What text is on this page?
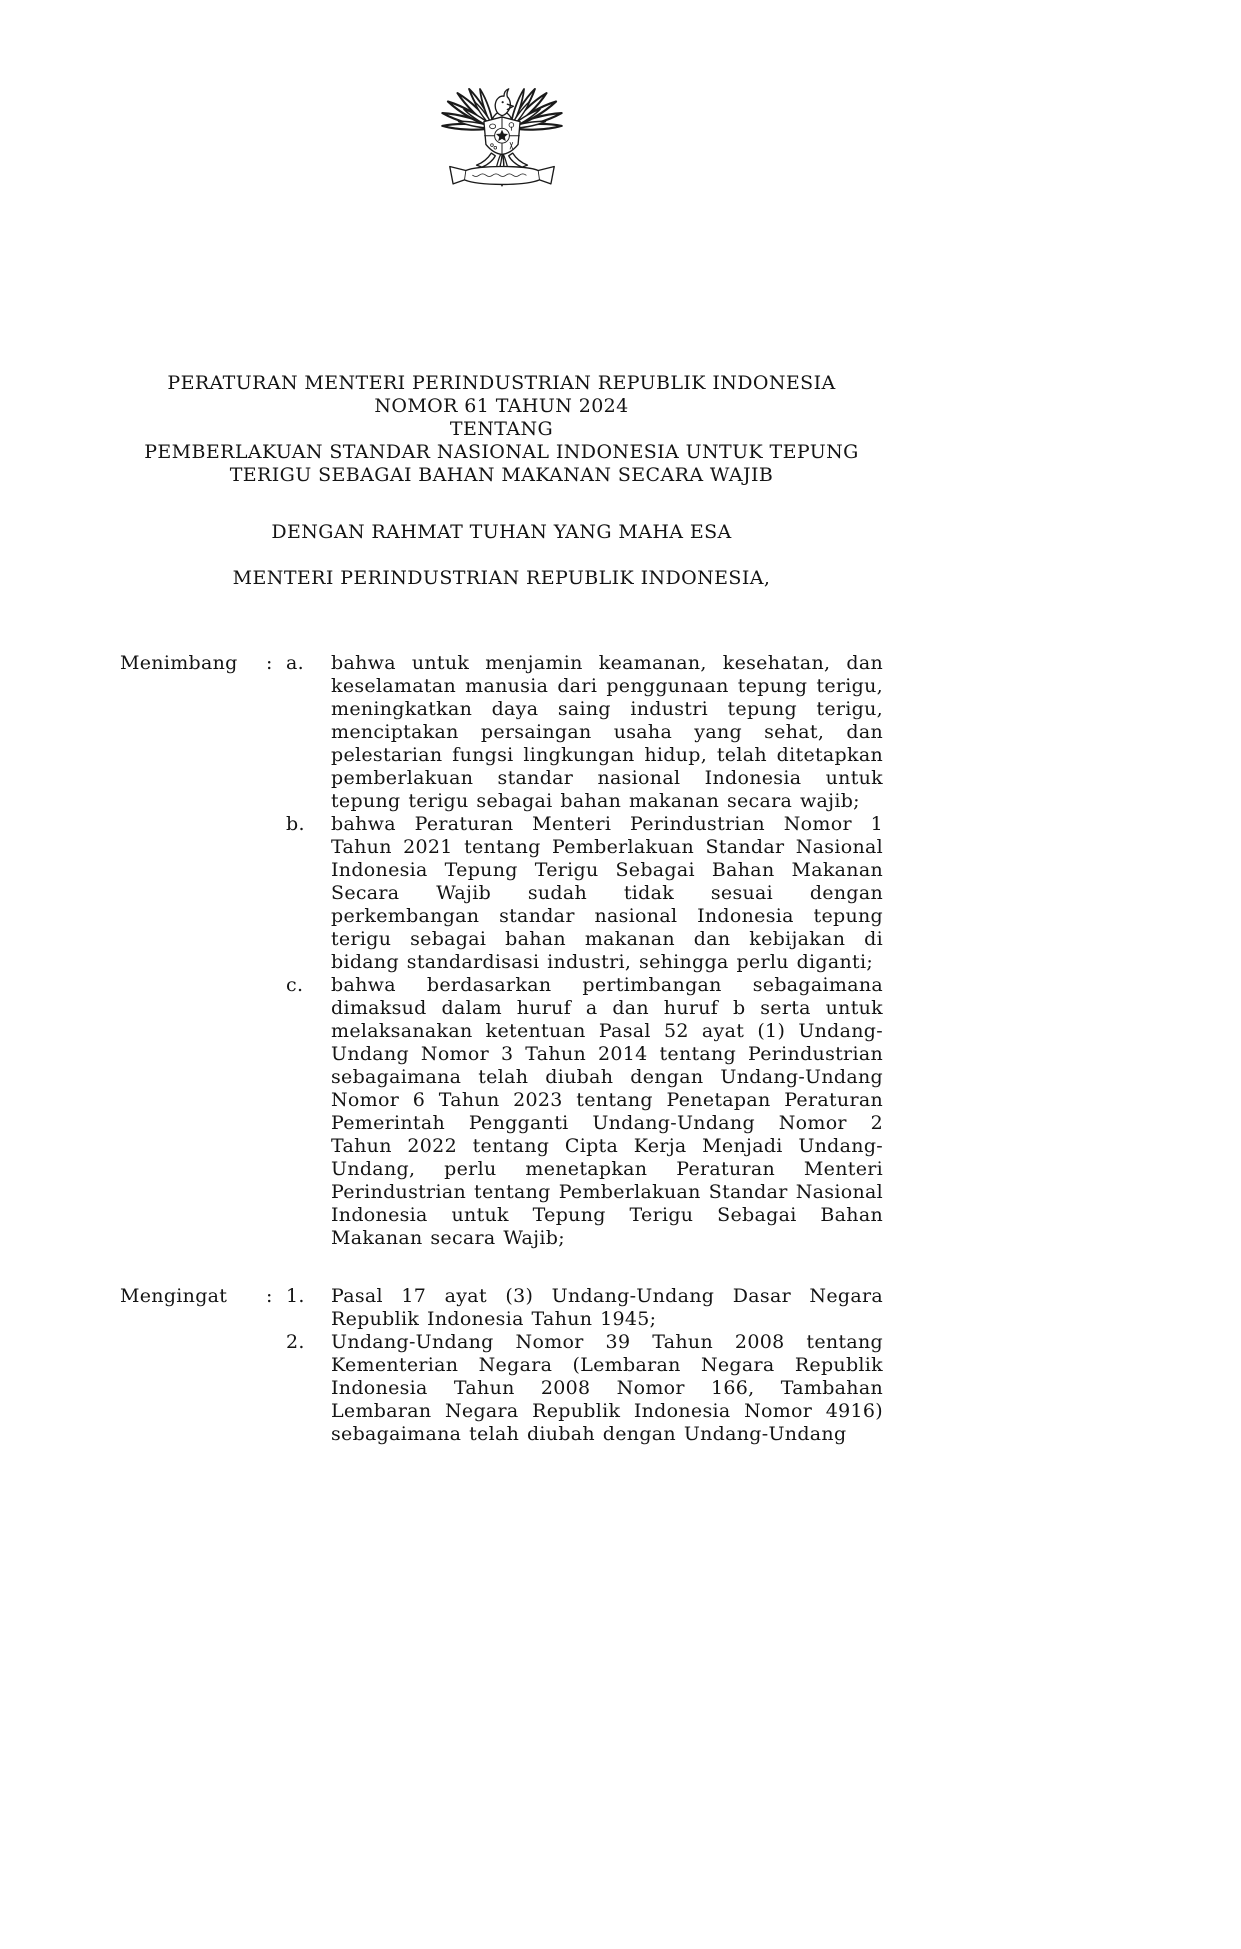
PERATURAN MENTERI PERINDUSTRIAN REPUBLIK INDONESIA
NOMOR 61 TAHUN 2024
TENTANG
PEMBERLAKUAN STANDAR NASIONAL INDONESIA UNTUK TEPUNG
TERIGU SEBAGAI BAHAN MAKANAN SECARA WAJIB
DENGAN RAHMAT TUHAN YANG MAHA ESA
MENTERI PERINDUSTRIAN REPUBLIK INDONESIA,
Menimbang	: a.	bahwa untuk menjamin keamanan, kesehatan, dan keselamatan manusia dari penggunaan tepung terigu, meningkatkan daya saing industri tepung terigu, menciptakan persaingan usaha yang sehat, dan pelestarian fungsi lingkungan hidup, telah ditetapkan pemberlakuan standar nasional Indonesia untuk tepung terigu sebagai bahan makanan secara wajib;
b.	bahwa Peraturan Menteri Perindustrian Nomor 1 Tahun 2021 tentang Pemberlakuan Standar Nasional Indonesia Tepung Terigu Sebagai Bahan Makanan Secara Wajib sudah tidak sesuai dengan perkembangan standar nasional Indonesia tepung terigu sebagai bahan makanan dan kebijakan di bidang standardisasi industri, sehingga perlu diganti;
c.	bahwa berdasarkan pertimbangan sebagaimana dimaksud dalam huruf a dan huruf b serta untuk melaksanakan ketentuan Pasal 52 ayat (1) Undang-Undang Nomor 3 Tahun 2014 tentang Perindustrian sebagaimana telah diubah dengan Undang-Undang Nomor 6 Tahun 2023 tentang Penetapan Peraturan Pemerintah Pengganti Undang-Undang Nomor 2 Tahun 2022 tentang Cipta Kerja Menjadi Undang-Undang, perlu menetapkan Peraturan Menteri Perindustrian tentang Pemberlakuan Standar Nasional Indonesia untuk Tepung Terigu Sebagai Bahan Makanan secara Wajib;
Mengingat	: 1.	Pasal 17 ayat (3) Undang-Undang Dasar Negara Republik Indonesia Tahun 1945;
2.	Undang-Undang Nomor 39 Tahun 2008 tentang Kementerian Negara (Lembaran Negara Republik Indonesia Tahun 2008 Nomor 166, Tambahan Lembaran Negara Republik Indonesia Nomor 4916) sebagaimana telah diubah dengan Undang-Undang
